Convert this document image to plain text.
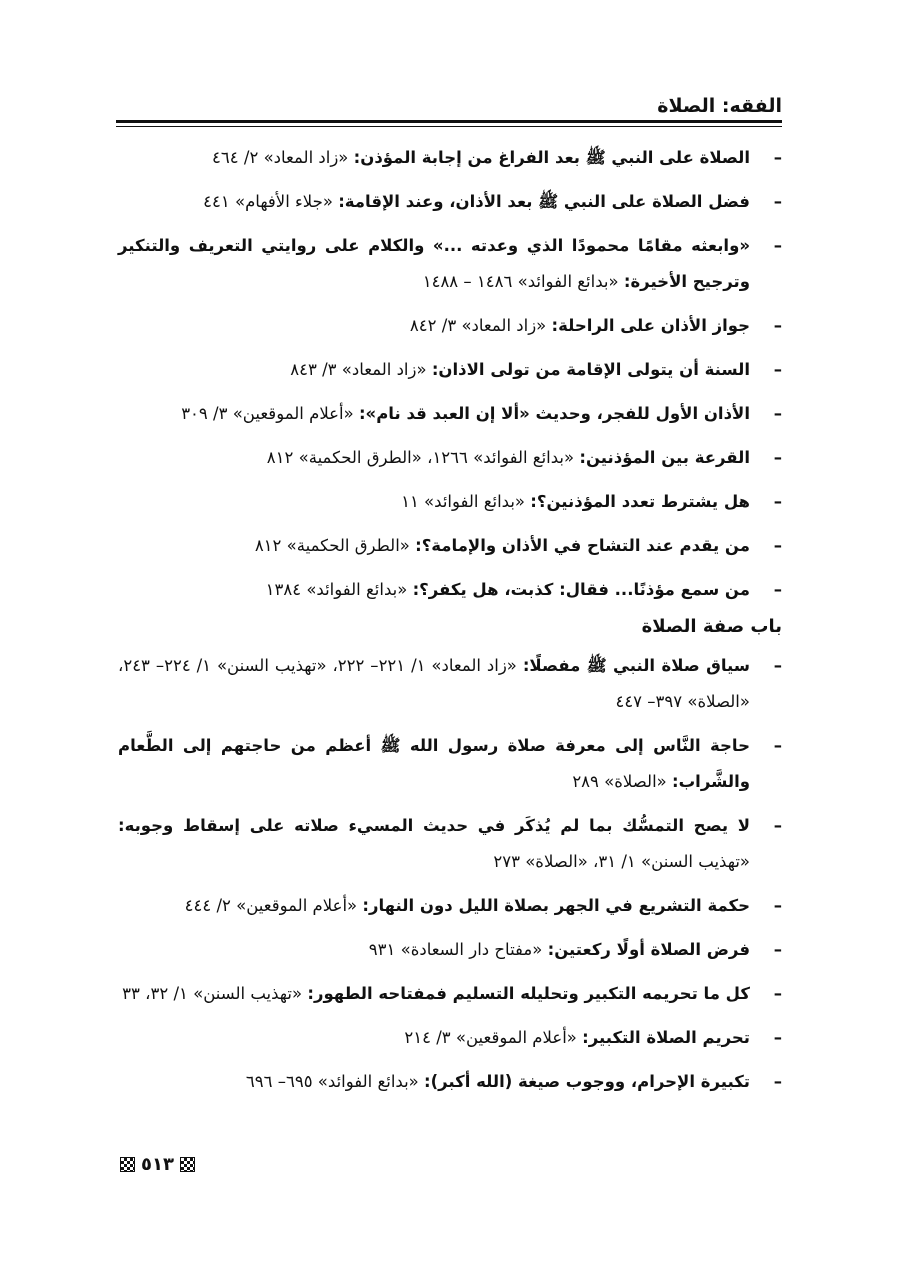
الفقه: الصلاة
–
الصلاة على النبي ﷺ بعد الفراغ من إجابة المؤذن: «زاد المعاد» ٢/ ٤٦٤
–
فضل الصلاة على النبي ﷺ بعد الأذان، وعند الإقامة: «جلاء الأفهام» ٤٤١
–
«وابعثه مقامًا محمودًا الذي وعدته ...» والكلام على روايتي التعريف والتنكير وترجيح الأخيرة: «بدائع الفوائد» ١٤٨٦ – ١٤٨٨
–
جواز الأذان على الراحلة: «زاد المعاد» ٣/ ٨٤٢
–
السنة أن يتولى الإقامة من تولى الاذان: «زاد المعاد» ٣/ ٨٤٣
–
الأذان الأول للفجر، وحديث «ألا إن العبد قد نام»: «أعلام الموقعين» ٣/ ٣٠٩
–
القرعة بين المؤذنين: «بدائع الفوائد» ١٢٦٦، «الطرق الحكمية» ٨١٢
–
هل يشترط تعدد المؤذنين؟: «بدائع الفوائد» ١١
–
من يقدم عند التشاح في الأذان والإمامة؟: «الطرق الحكمية» ٨١٢
–
من سمع مؤذنًا... فقال: كذبت، هل يكفر؟: «بدائع الفوائد» ١٣٨٤
باب صفة الصلاة
–
سياق صلاة النبي ﷺ مفصلًا: «زاد المعاد» ١/ ٢٢١– ٢٢٢، «تهذيب السنن» ١/ ٢٢٤– ٢٤٣، «الصلاة» ٣٩٧– ٤٤٧
–
حاجة النَّاس إلى معرفة صلاة رسول الله ﷺ أعظم من حاجتهم إلى الطَّعام والشَّراب: «الصلاة» ٢٨٩
–
لا يصح التمسُّك بما لم يُذكَر في حديث المسيء صلاته على إسقاط وجوبه: «تهذيب السنن» ١/ ٣١، «الصلاة» ٢٧٣
–
حكمة التشريع في الجهر بصلاة الليل دون النهار: «أعلام الموقعين» ٢/ ٤٤٤
–
فرض الصلاة أولًا ركعتين: «مفتاح دار السعادة» ٩٣١
–
كل ما تحريمه التكبير وتحليله التسليم فمفتاحه الطهور: «تهذيب السنن» ١/ ٣٢، ٣٣
–
تحريم الصلاة التكبير: «أعلام الموقعين» ٣/ ٢١٤
–
تكبيرة الإحرام، ووجوب صيغة (الله أكبر): «بدائع الفوائد» ٦٩٥– ٦٩٦
٥١٣
